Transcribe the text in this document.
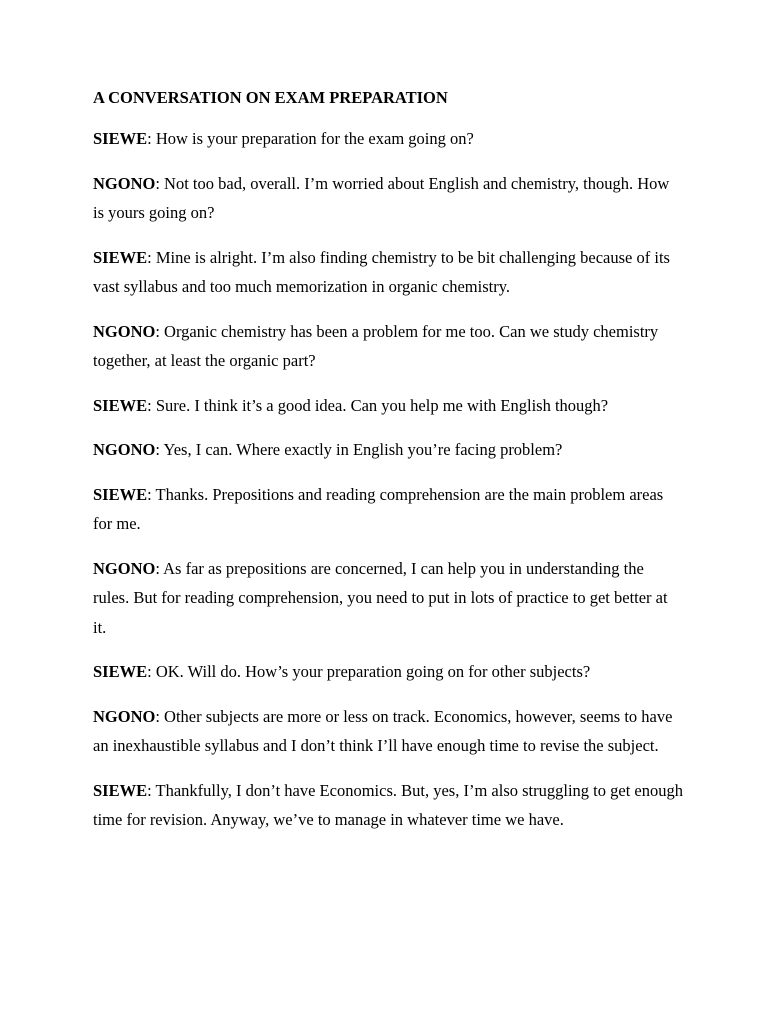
A CONVERSATION ON EXAM PREPARATION

SIEWE: How is your preparation for the exam going on?

NGONO: Not too bad, overall. I’m worried about English and chemistry, though. How is yours going on?

SIEWE: Mine is alright. I’m also finding chemistry to be bit challenging because of its vast syllabus and too much memorization in organic chemistry.

NGONO: Organic chemistry has been a problem for me too. Can we study chemistry together, at least the organic part?

SIEWE: Sure. I think it’s a good idea. Can you help me with English though?

NGONO: Yes, I can. Where exactly in English you’re facing problem?

SIEWE: Thanks. Prepositions and reading comprehension are the main problem areas for me.

NGONO: As far as prepositions are concerned, I can help you in understanding the rules. But for reading comprehension, you need to put in lots of practice to get better at it.

SIEWE: OK. Will do. How’s your preparation going on for other subjects?

NGONO: Other subjects are more or less on track. Economics, however, seems to have an inexhaustible syllabus and I don’t think I’ll have enough time to revise the subject.

SIEWE: Thankfully, I don’t have Economics. But, yes, I’m also struggling to get enough time for revision. Anyway, we’ve to manage in whatever time we have.
